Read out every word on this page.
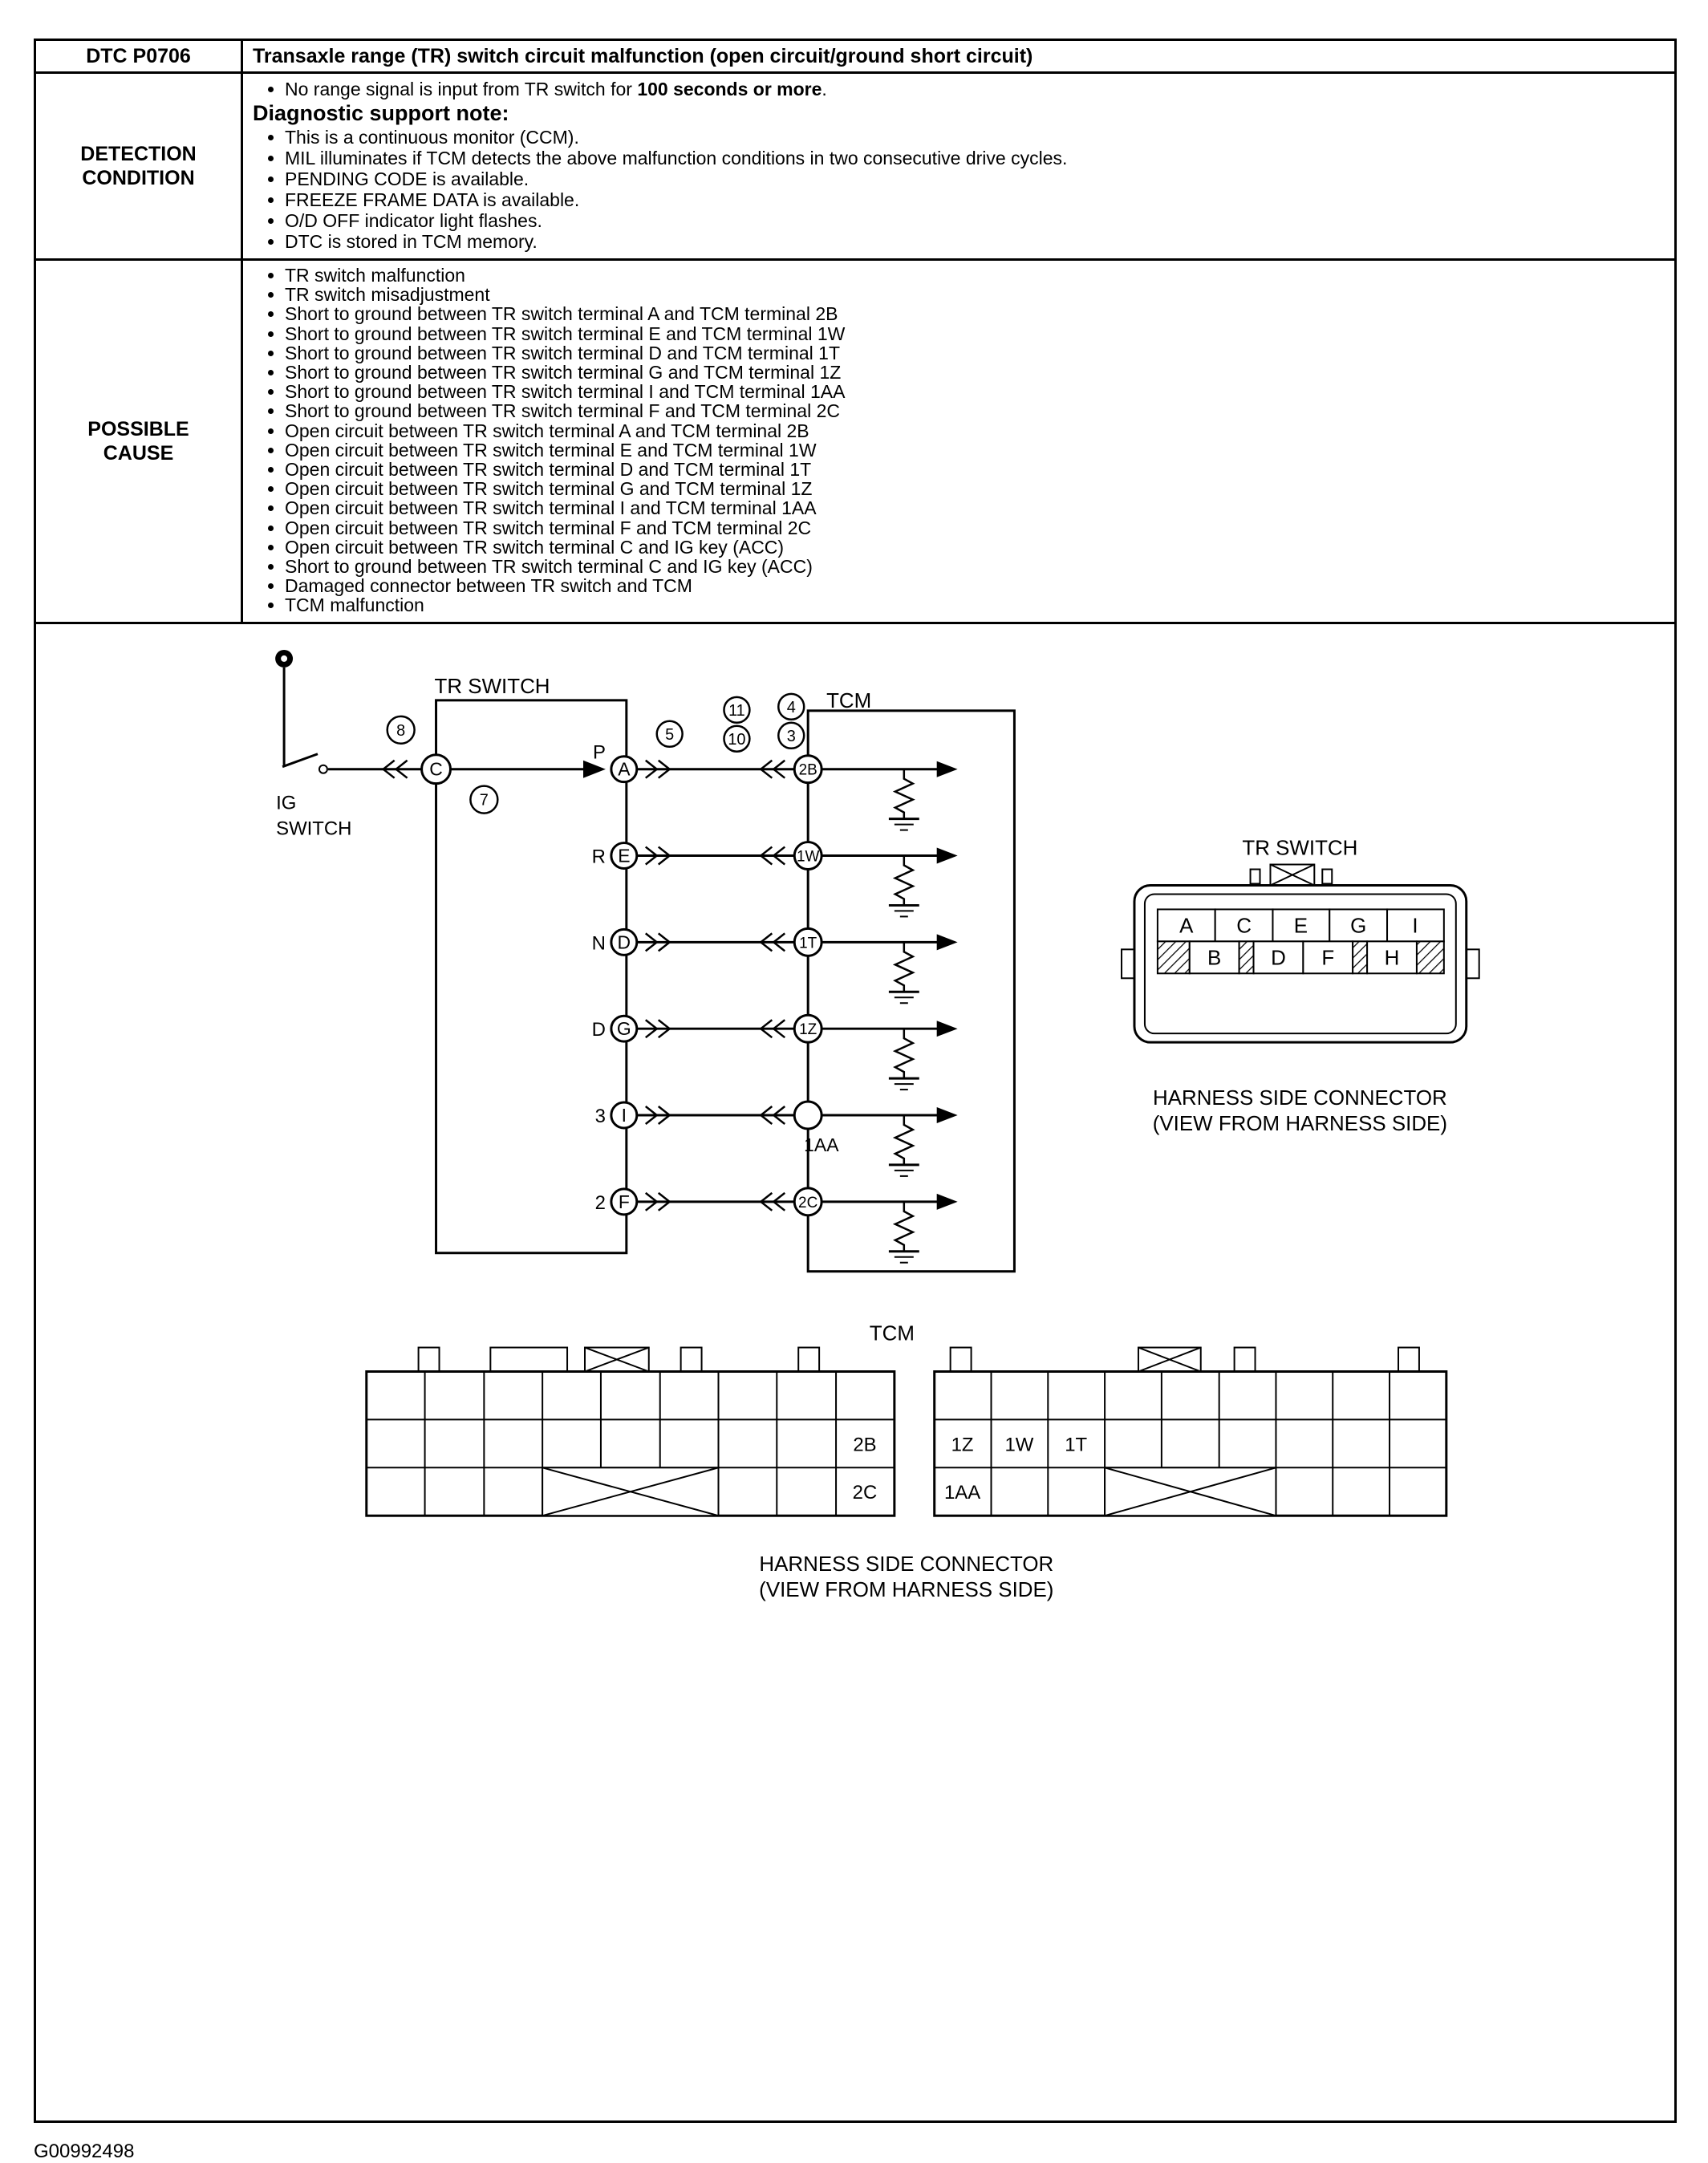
DTC P0706	Transaxle range (TR) switch circuit malfunction (open circuit/ground short circuit)
DETECTION CONDITION	
• No range signal is input from TR switch for 100 seconds or more.
Diagnostic support note:
• This is a continuous monitor (CCM).
• MIL illuminates if TCM detects the above malfunction conditions in two consecutive drive cycles.
• PENDING CODE is available.
• FREEZE FRAME DATA is available.
• O/D OFF indicator light flashes.
• DTC is stored in TCM memory.

POSSIBLE CAUSE	
• TR switch malfunction
• TR switch misadjustment
• Short to ground between TR switch terminal A and TCM terminal 2B
• Short to ground between TR switch terminal E and TCM terminal 1W
• Short to ground between TR switch terminal D and TCM terminal 1T
• Short to ground between TR switch terminal G and TCM terminal 1Z
• Short to ground between TR switch terminal I and TCM terminal 1AA
• Short to ground between TR switch terminal F and TCM terminal 2C
• Open circuit between TR switch terminal A and TCM terminal 2B
• Open circuit between TR switch terminal E and TCM terminal 1W
• Open circuit between TR switch terminal D and TCM terminal 1T
• Open circuit between TR switch terminal G and TCM terminal 1Z
• Open circuit between TR switch terminal I and TCM terminal 1AA
• Open circuit between TR switch terminal F and TCM terminal 2C
• Open circuit between TR switch terminal C and IG key (ACC)
• Short to ground between TR switch terminal C and IG key (ACC)
• Damaged connector between TR switch and TCM
• TCM malfunction
IG
SWITCH
8
TR SWITCH
C
7
TCM
5
11
10
4
3
P
A	2B
R E	1W
N D	1T
D G	1Z
3 I
1AA
2 F	2C
TR SWITCH
A C E G I
B D F H
HARNESS SIDE CONNECTOR
(VIEW FROM HARNESS SIDE)
TCM
2B
2C
1Z 1W 1T
1AA
HARNESS SIDE CONNECTOR
(VIEW FROM HARNESS SIDE)
G00992498
